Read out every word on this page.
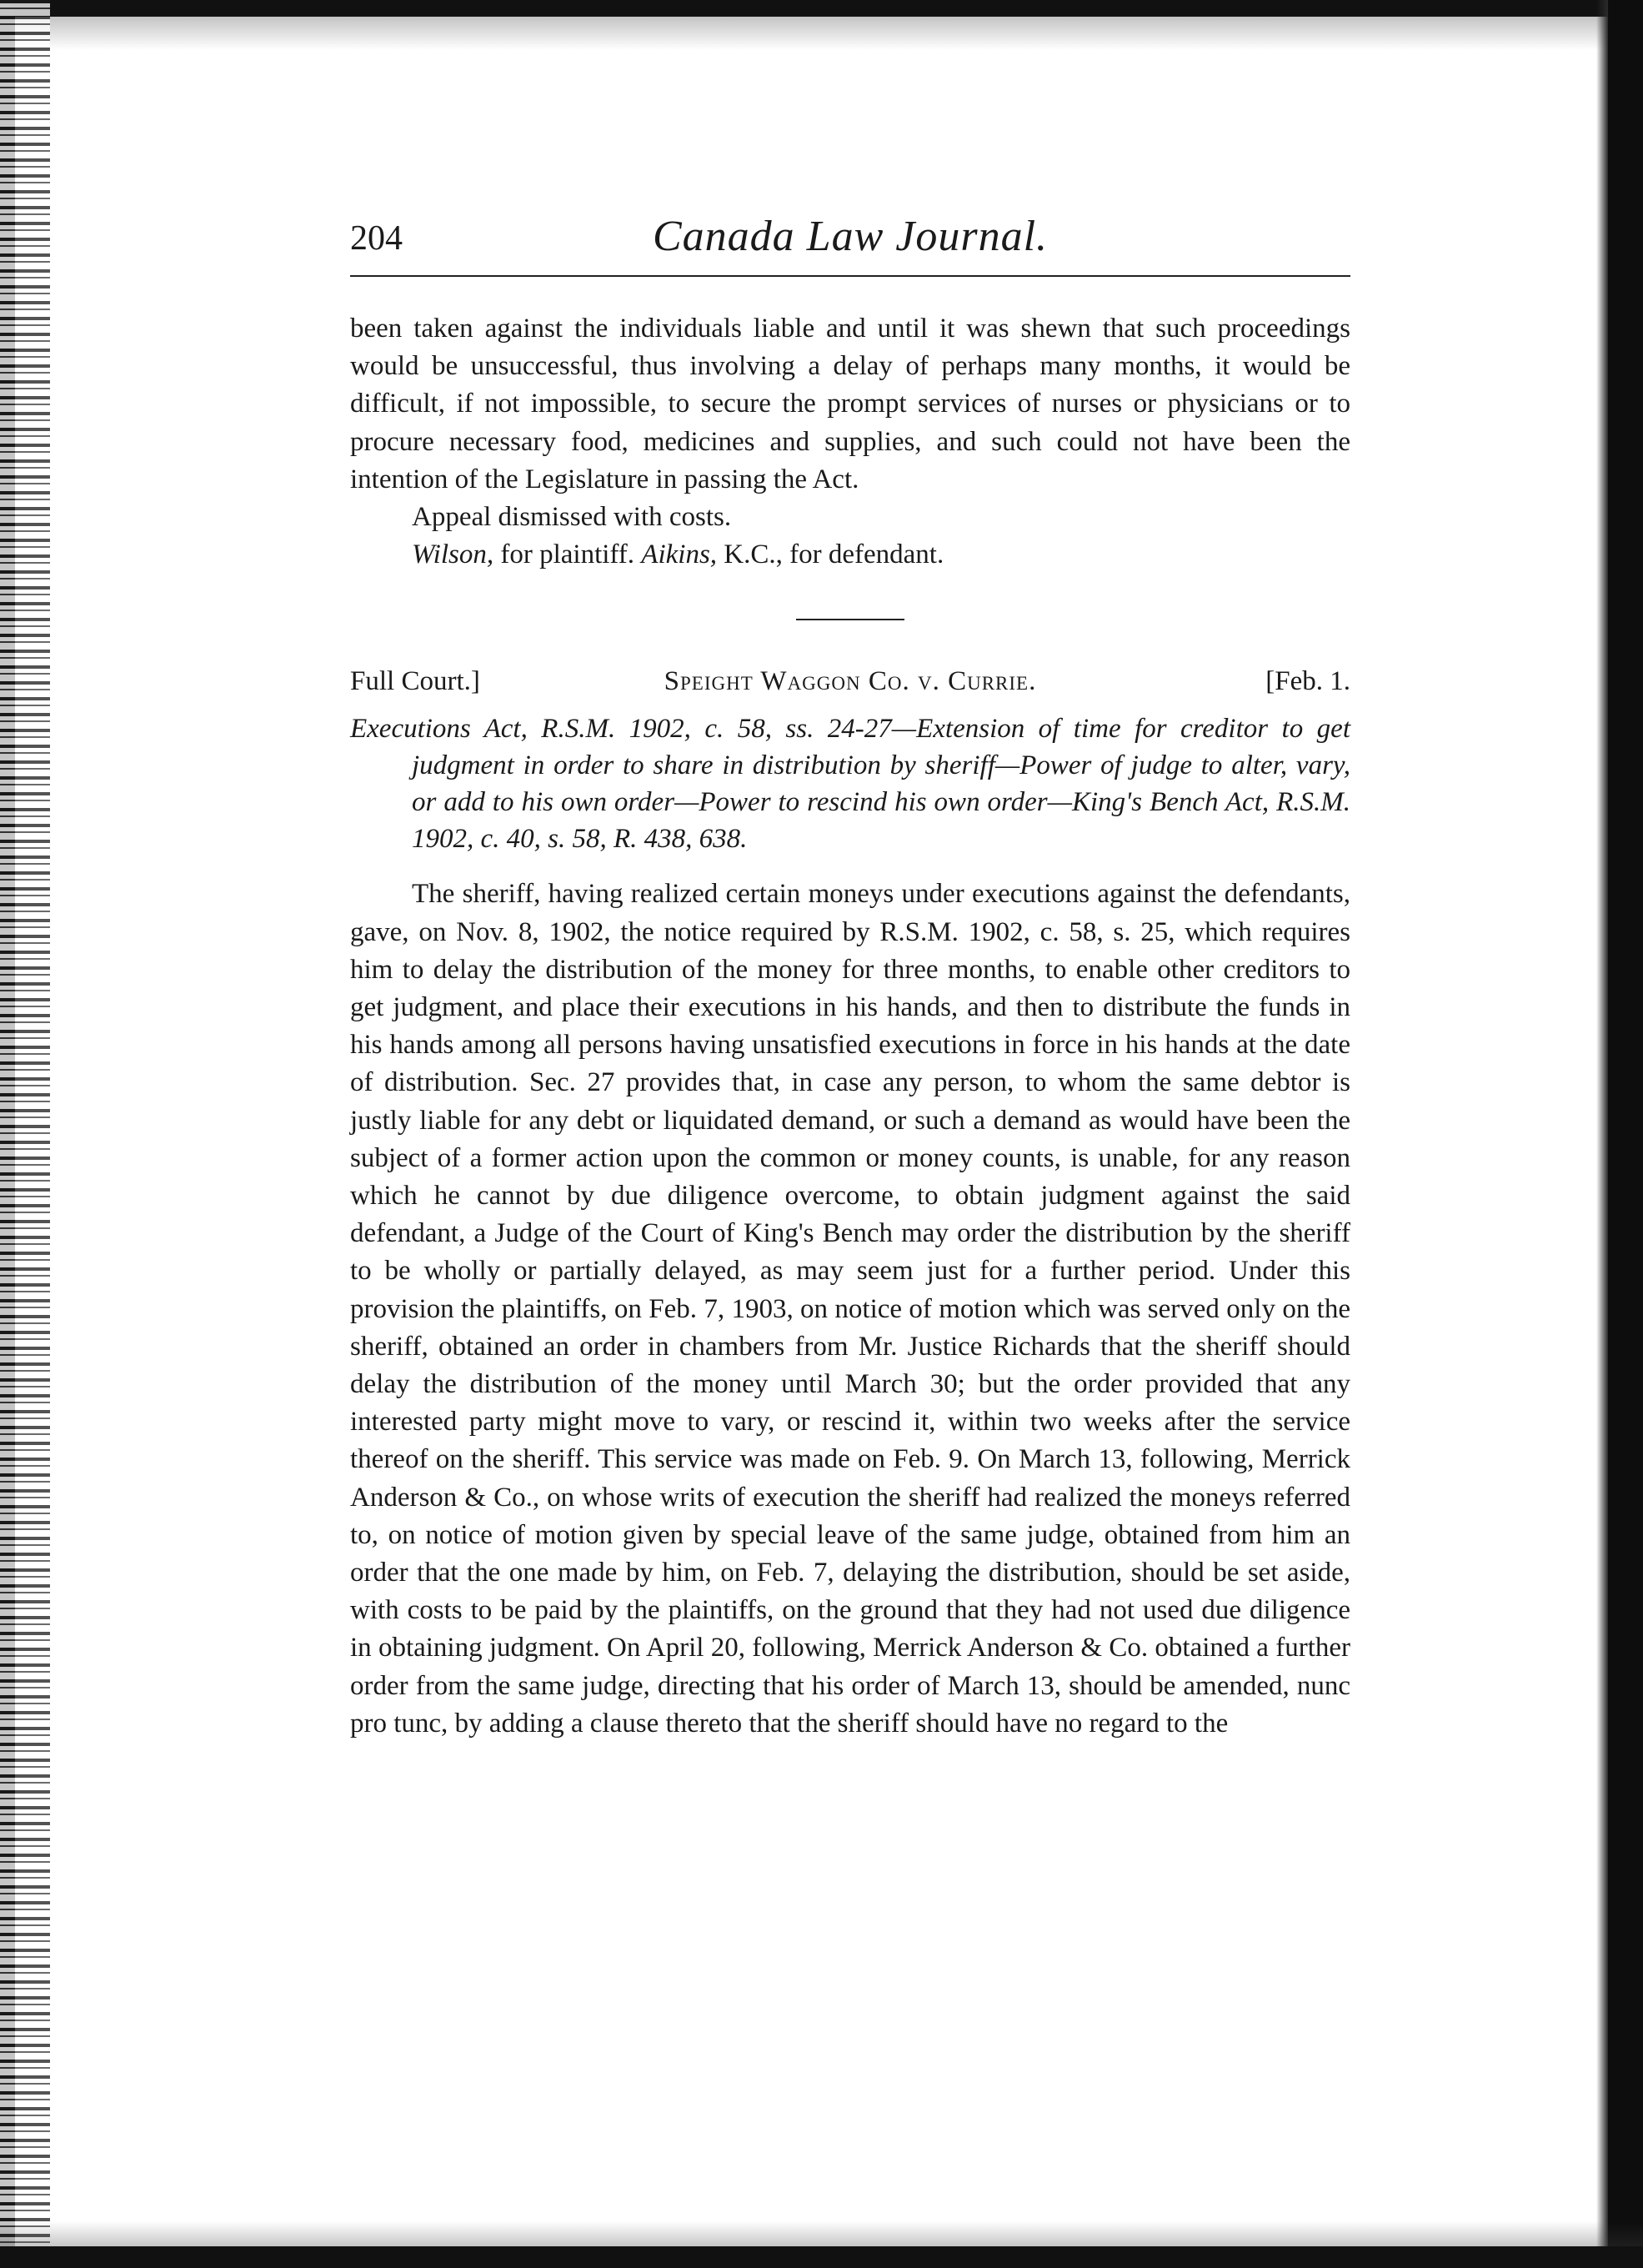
204	Canada Law Journal.

been taken against the individuals liable and until it was shewn that such proceedings would be unsuccessful, thus involving a delay of perhaps many months, it would be difficult, if not impossible, to secure the prompt services of nurses or physicians or to procure necessary food, medicines and supplies, and such could not have been the intention of the Legislature in passing the Act.

Appeal dismissed with costs.

Wilson, for plaintiff. Aikins, K.C., for defendant.

Full Court.]	Speight Waggon Co. v. Currie.	[Feb. 1.

Executions Act, R.S.M. 1902, c. 58, ss. 24-27—Extension of time for creditor to get judgment in order to share in distribution by sheriff—Power of judge to alter, vary, or add to his own order—Power to rescind his own order—King's Bench Act, R.S.M. 1902, c. 40, s. 58, R. 438, 638.

The sheriff, having realized certain moneys under executions against the defendants, gave, on Nov. 8, 1902, the notice required by R.S.M. 1902, c. 58, s. 25, which requires him to delay the distribution of the money for three months, to enable other creditors to get judgment, and place their executions in his hands, and then to distribute the funds in his hands among all persons having unsatisfied executions in force in his hands at the date of distribution. Sec. 27 provides that, in case any person, to whom the same debtor is justly liable for any debt or liquidated demand, or such a demand as would have been the subject of a former action upon the common or money counts, is unable, for any reason which he cannot by due diligence overcome, to obtain judgment against the said defendant, a Judge of the Court of King's Bench may order the distribution by the sheriff to be wholly or partially delayed, as may seem just for a further period. Under this provision the plaintiffs, on Feb. 7, 1903, on notice of motion which was served only on the sheriff, obtained an order in chambers from Mr. Justice Richards that the sheriff should delay the distribution of the money until March 30; but the order provided that any interested party might move to vary, or rescind it, within two weeks after the service thereof on the sheriff. This service was made on Feb. 9. On March 13, following, Merrick Anderson & Co., on whose writs of execution the sheriff had realized the moneys referred to, on notice of motion given by special leave of the same judge, obtained from him an order that the one made by him, on Feb. 7, delaying the distribution, should be set aside, with costs to be paid by the plaintiffs, on the ground that they had not used due diligence in obtaining judgment. On April 20, following, Merrick Anderson & Co. obtained a further order from the same judge, directing that his order of March 13, should be amended, nunc pro tunc, by adding a clause thereto that the sheriff should have no regard to the
